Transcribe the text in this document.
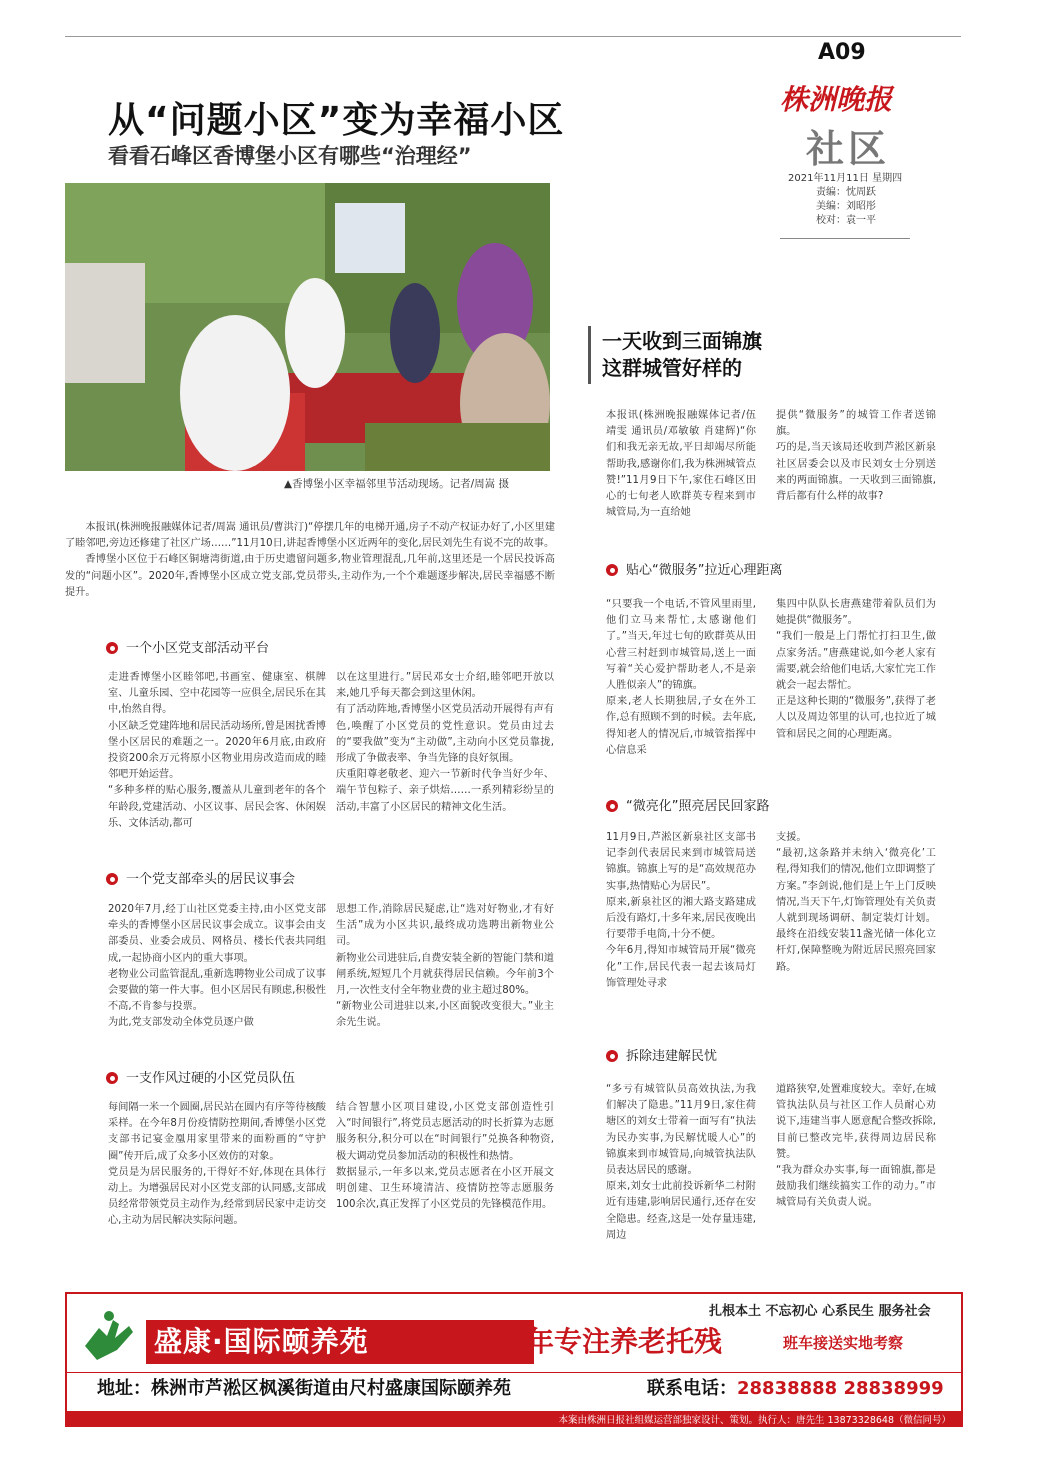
A09
株洲晚报
社区
2021年11月11日 星期四
责编：忱周跃
美编：刘昭彤
校对：袁一平
从“问题小区”变为幸福小区
看看石峰区香博堡小区有哪些“治理经”
▲香博堡小区幸福邻里节活动现场。记者/周嵩 摄

本报讯(株洲晚报融媒体记者/周嵩 通讯员/曹洪汀)“停摆几年的电梯开通,房子不动产权证办好了,小区里建了睦邻吧,旁边还修建了社区广场……”11月10日,讲起香博堡小区近两年的变化,居民刘先生有说不完的故事。

香博堡小区位于石峰区铜塘湾街道,由于历史遗留问题多,物业管理混乱,几年前,这里还是一个居民投诉高发的“问题小区”。2020年,香博堡小区成立党支部,党员带头,主动作为,一个个难题逐步解决,居民幸福感不断提升。

一个小区党支部活动平台
走进香博堡小区睦邻吧,书画室、健康室、棋牌室、儿童乐园、空中花园等一应俱全,居民乐在其中,怡然自得。
小区缺乏党建阵地和居民活动场所,曾是困扰香博堡小区居民的难题之一。2020年6月底,由政府投资200余万元将原小区物业用房改造而成的睦邻吧开始运营。
“多种多样的贴心服务,覆盖从儿童到老年的各个年龄段,党建活动、小区议事、居民会客、休闲娱乐、文体活动,都可
以在这里进行。”居民邓女士介绍,睦邻吧开放以来,她几乎每天都会到这里休闲。
有了活动阵地,香博堡小区党员活动开展得有声有色,唤醒了小区党员的党性意识。党员由过去的“要我做”变为“主动做”,主动向小区党员靠拢,形成了争做表率、争当先锋的良好氛围。
庆重阳尊老敬老、迎六一节新时代争当好少年、端午节包粽子、亲子烘焙……一系列精彩纷呈的活动,丰富了小区居民的精神文化生活。
一个党支部牵头的居民议事会
2020年7月,经丁山社区党委主持,由小区党支部牵头的香博堡小区居民议事会成立。议事会由支部委员、业委会成员、网格员、楼长代表共同组成,一起协商小区内的重大事项。
老物业公司监管混乱,重新选聘物业公司成了议事会要做的第一件大事。但小区居民有顾虑,积极性不高,不肯参与投票。
为此,党支部发动全体党员逐户做
思想工作,消除居民疑虑,让“选对好物业,才有好生活”成为小区共识,最终成功选聘出新物业公司。
新物业公司进驻后,自费安装全新的智能门禁和道闸系统,短短几个月就获得居民信赖。今年前3个月,一次性支付全年物业费的业主超过80%。
“新物业公司进驻以来,小区面貌改变很大。”业主余先生说。
一支作风过硬的小区党员队伍
每间隔一米一个圆圈,居民站在圆内有序等待核酸采样。在今年8月份疫情防控期间,香博堡小区党支部书记宴金凰用家里带来的面粉画的“守护圈”传开后,成了众多小区效仿的对象。
党员是为居民服务的,干得好不好,体现在具体行动上。为增强居民对小区党支部的认同感,支部成员经常带领党员主动作为,经常到居民家中走访交心,主动为居民解决实际问题。
结合智慧小区项目建设,小区党支部创造性引入“时间银行”,将党员志愿活动的时长折算为志愿服务积分,积分可以在“时间银行”兑换各种物资,极大调动党员参加活动的积极性和热情。
数据显示,一年多以来,党员志愿者在小区开展文明创建、卫生环境清洁、疫情防控等志愿服务100余次,真正发挥了小区党员的先锋模范作用。
一天收到三面锦旗
这群城管好样的
本报讯(株洲晚报融媒体记者/伍靖雯 通讯员/邓敏敏 肖建辉)“你们和我无亲无故,平日却竭尽所能帮助我,感谢你们,我为株洲城管点赞!”11月9日下午,家住石峰区田心的七旬老人欧群英专程来到市城管局,为一直给她
提供“微服务”的城管工作者送锦旗。
巧的是,当天该局还收到芦淞区新泉社区居委会以及市民刘女士分别送来的两面锦旗。一天收到三面锦旗,背后都有什么样的故事?
贴心“微服务”拉近心理距离
“只要我一个电话,不管风里雨里,他们立马来帮忙,太感谢他们了。”当天,年过七旬的欧群英从田心营三村赶到市城管局,送上一面写着“关心爱护帮助老人,不是亲人胜似亲人”的锦旗。
原来,老人长期独居,子女在外工作,总有照顾不到的时候。去年底,得知老人的情况后,市城管指挥中心信息采
集四中队队长唐燕建带着队员们为她提供“微服务”。
“我们一般是上门帮忙打扫卫生,做点家务活。”唐燕建说,如今老人家有需要,就会给他们电话,大家忙完工作就会一起去帮忙。
正是这种长期的“微服务”,获得了老人以及周边邻里的认可,也拉近了城管和居民之间的心理距离。
“微亮化”照亮居民回家路
11月9日,芦淞区新泉社区支部书记李剑代表居民来到市城管局送锦旗。锦旗上写的是“高效规范办实事,热情贴心为居民”。
原来,新泉社区的湘大路支路建成后没有路灯,十多年来,居民夜晚出行要带手电筒,十分不便。
今年6月,得知市城管局开展“微亮化”工作,居民代表一起去该局灯饰管理处寻求
支援。
“最初,这条路并未纳入‘微亮化’工程,得知我们的情况,他们立即调整了方案。”李剑说,他们是上午上门反映情况,当天下午,灯饰管理处有关负责人就到现场调研、制定装灯计划。最终在沿线安装11盏光储一体化立杆灯,保障整晚为附近居民照亮回家路。
拆除违建解民忧
“多亏有城管队员高效执法,为我们解决了隐患。”11月9日,家住荷塘区的刘女士带着一面写有“执法为民办实事,为民解忧暖人心”的锦旗来到市城管局,向城管执法队员表达居民的感谢。
原来,刘女士此前投诉新华二村附近有违建,影响居民通行,还存在安全隐患。经查,这是一处存量违建,周边
道路狭窄,处置难度较大。幸好,在城管执法队员与社区工作人员耐心劝说下,违建当事人愿意配合整改拆除,目前已整改完毕,获得周边居民称赞。
“我为群众办实事,每一面锦旗,都是鼓励我们继续搞实工作的动力。”市城管局有关负责人说。
扎根本土 不忘初心 心系民生 服务社会
盛康·国际颐养苑	28年专注养老托残	班车接送实地考察
地址：株洲市芦淞区枫溪街道由尺村盛康国际颐养苑	联系电话：28838888 28838999
本案由株洲日报社组媒运营部独家设计、策划。执行人：唐先生 13873328648（微信同号）
